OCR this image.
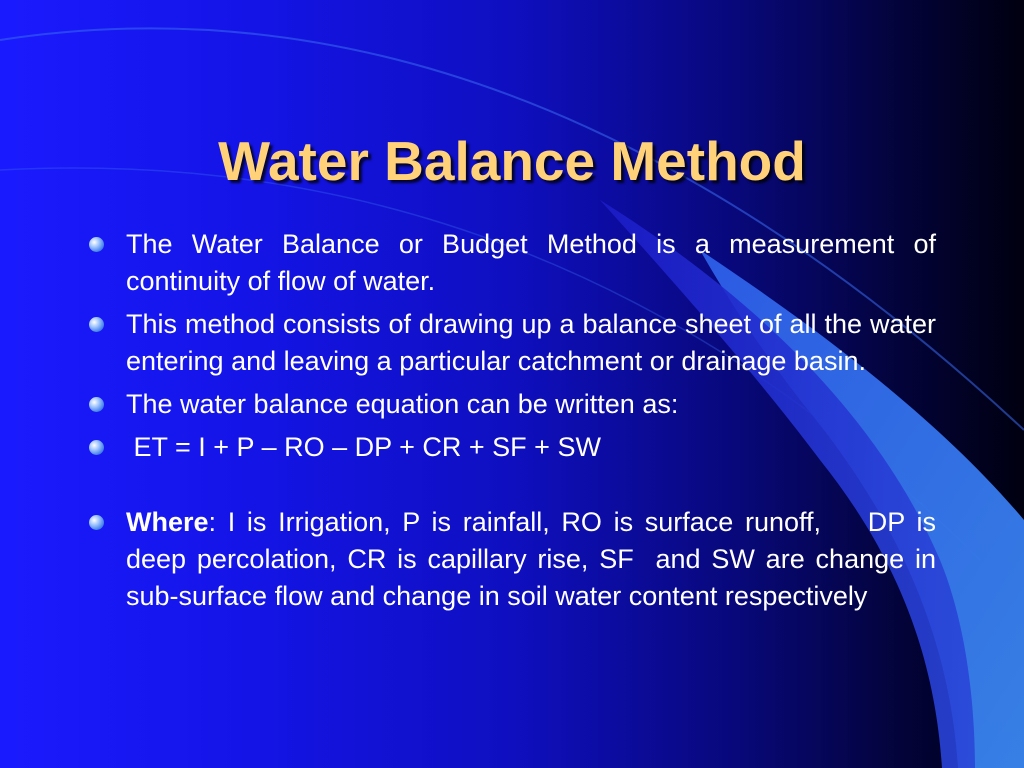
Water Balance Method
The Water Balance or Budget Method is a measurement of continuity of flow of water.
This method consists of drawing up a balance sheet of all the water entering and leaving a particular catchment or drainage basin.
The water balance equation can be written as:
ET = I + P – RO – DP + CR + SF + SW
Where: I is Irrigation, P is rainfall, RO is surface runoff,    DP is deep percolation, CR is capillary rise, SF  and SW are change in sub-surface flow and change in soil water content respectively
